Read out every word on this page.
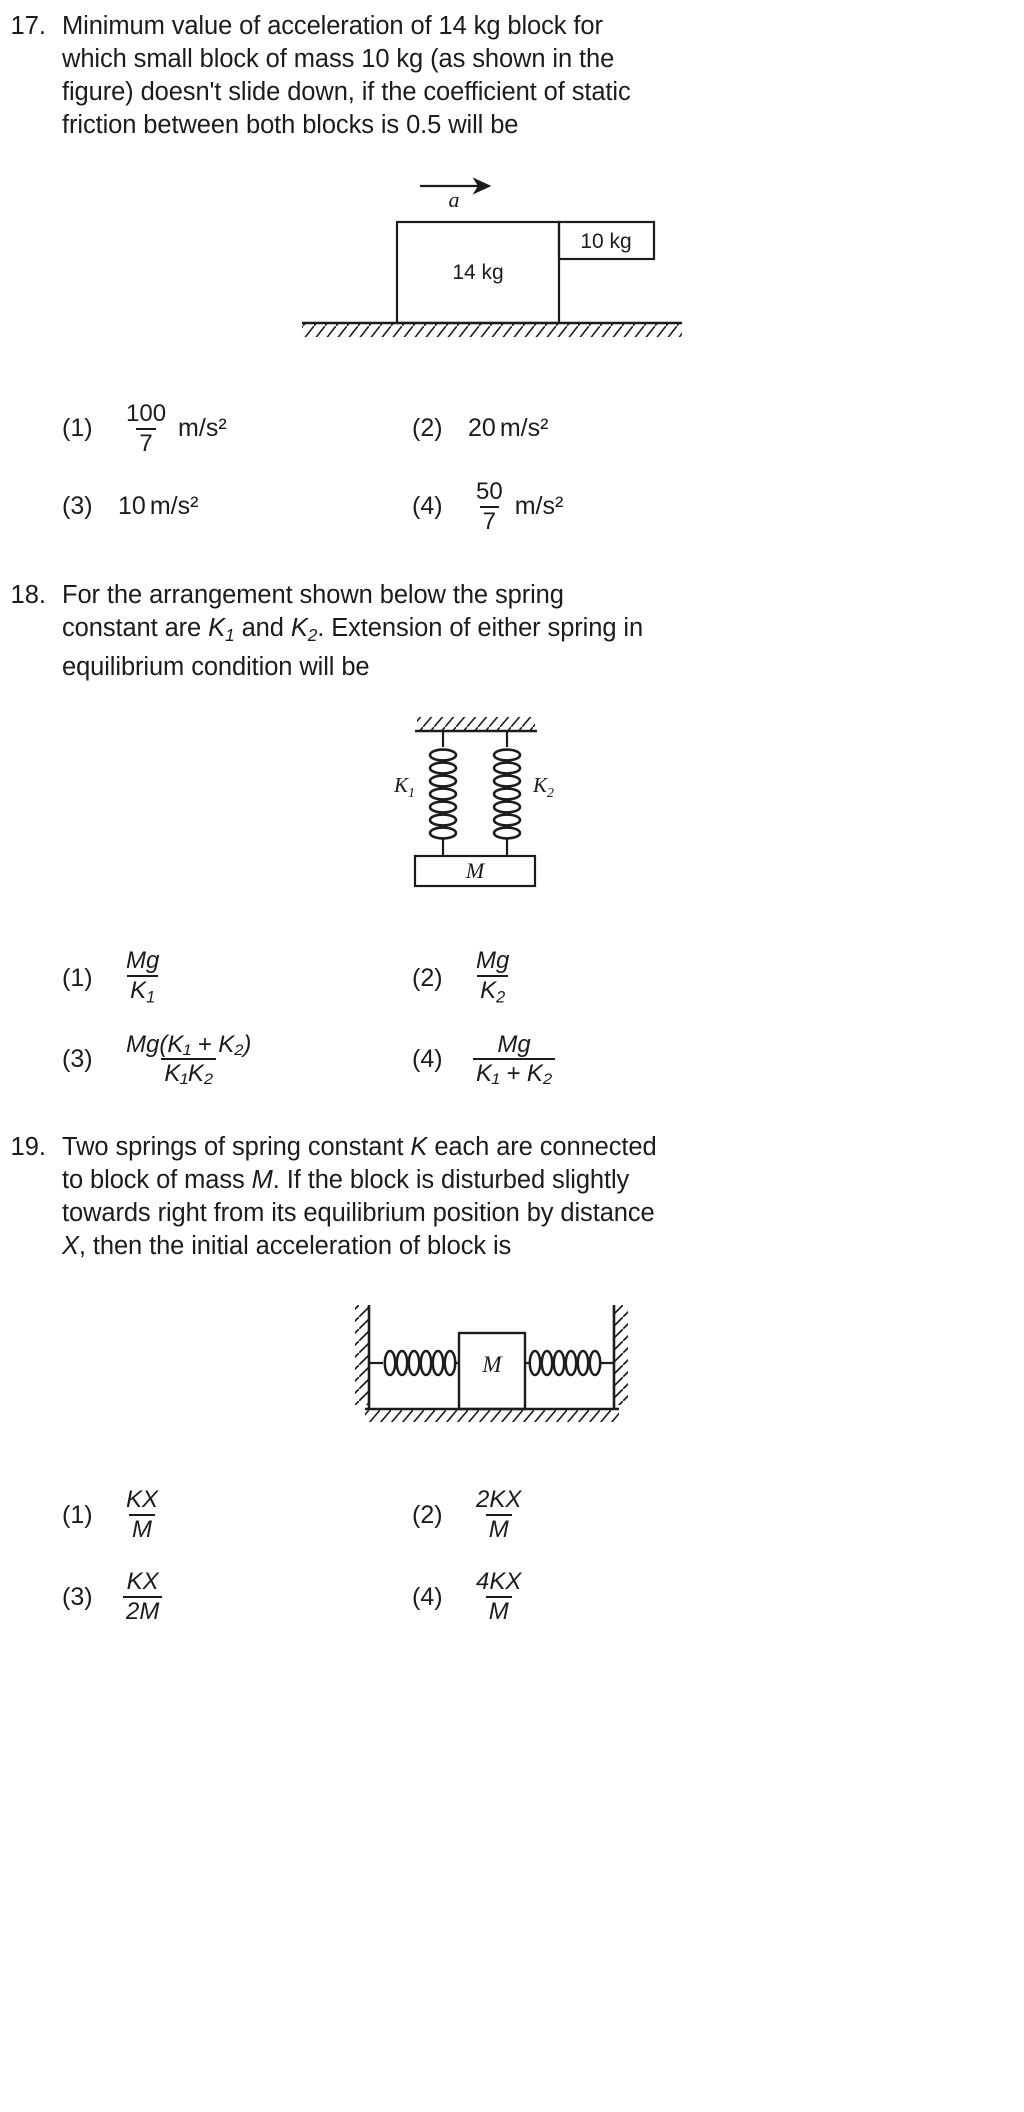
17. Minimum value of acceleration of 14 kg block for which small block of mass 10 kg (as shown in the figure) doesn't slide down, if the coefficient of static friction between both blocks is 0.5 will be
a
14 kg
10 kg
(1)	$\frac{100}{7} m/s^2$	(2)	20 m/s²
(3)	10 m/s²	(4)	$\frac{50}{7} m/s^2$
18. For the arrangement shown below the spring constant are $K_1$ and $K_2$. Extension of either spring in equilibrium condition will be
$K_1$	$K_2$
M
(1)	$\frac{Mg}{K_1}$	(2)	$\frac{Mg}{K_2}$
(3)	$\frac{\text{Mg(K₁ + K₂)}}{\text{K₁K₂}}$	(4)	$\frac{Mg}{\text{K₁ + K₂}}$
19. Two springs of spring constant K each are connected to block of mass M. If the block is disturbed slightly towards right from its equilibrium position by distance X, then the initial acceleration of block is
M
(1)	$\frac{KX}{M}$	(2)	$\frac{2KX}{M}$
(3)	$\frac{KX}{2M}$	(4)	$\frac{4KX}{M}$
